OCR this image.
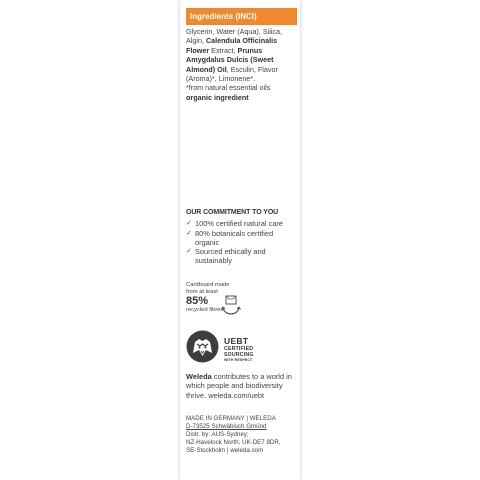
Ingredients (INCI)
Glycerin, Water (Aqua), Silica, Algin, Calendula Officinalis Flower Extract, Prunus Amygdalus Dulcis (Sweet Almond) Oil, Esculin, Flavor (Aroma)*, Limonene*.
*from natural essential oils
organic ingredient
OUR COMMITMENT TO YOU
✓ 100% certified natural care
✓ 80% botanicals certified organic
✓ Sourced ethically and sustainably
Cardboard made from at least
85%
recycled fibres
UEBT
CERTIFIED
SOURCING
WITH RESPECT
Weleda contributes to a world in which people and biodiversity thrive. weleda.com/uebt
MADE IN GERMANY | WELEDA
D-73525 Schwäbisch Gmünd
Distr. by: AUS-Sydney;
NZ-Havelock North; UK-DE7 8DR,
SE-Stockholm | weleda.com
